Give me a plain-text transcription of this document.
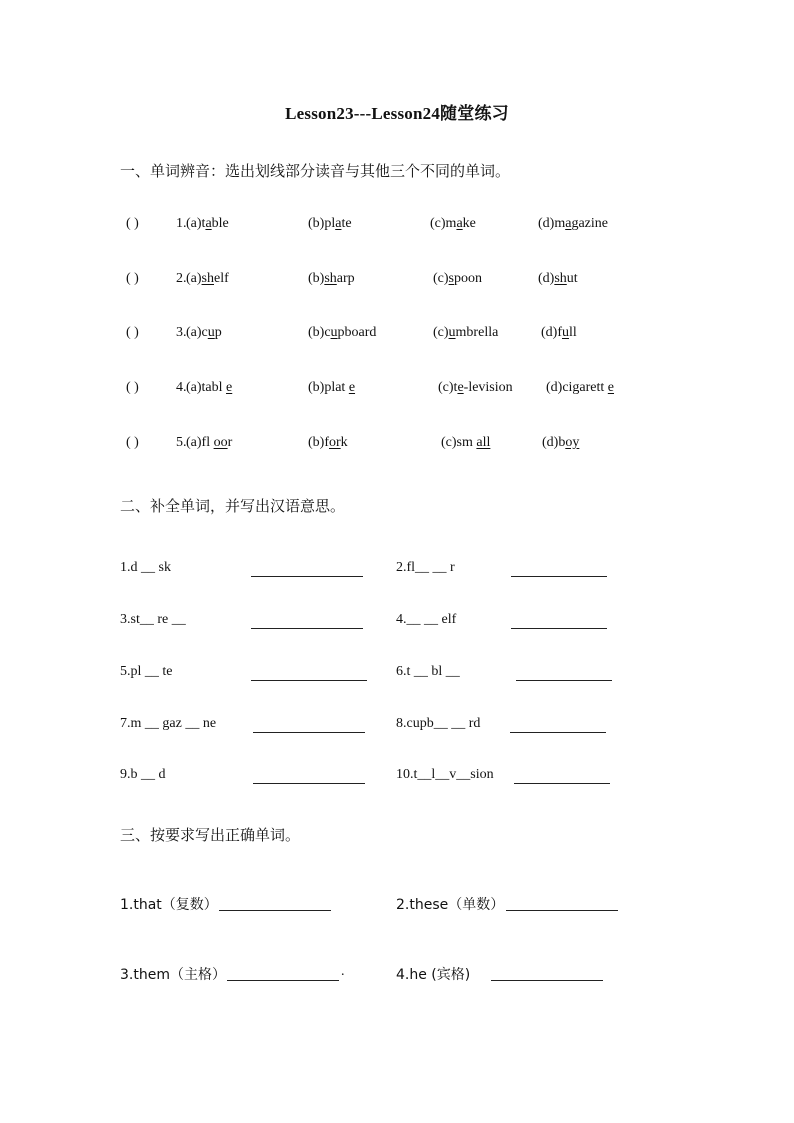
Lesson23---Lesson24随堂练习
一、单词辨音：选出划线部分读音与其他三个不同的单词。
( )	1. (a)table	(b)plate	(c)make	(d)magazine
( )	2. (a)shelf	(b)sharp	(c)spoon	(d)shut
( )	3. (a)cup	(b)cupboard	(c)umbrella	(d)full
( )	4. (a)tabl e	(b)plat e	(c)te-levision (d)cigarett e
( )	5. (a)fl oor	(b)fork	(c)sm all	(d)boy
二、补全单词，并写出汉语意思。
1.d __ sk	2.fl__ __ r
3.st__ re __	4.__ __ elf
5.pl __ te	6.t __ bl __
7.m __ gaz __ ne	8.cupb__ __ rd
9.b __ d	10.t__l__v__sion
三、按要求写出正确单词。
1.that（复数）	2.these（单数）
3.them（主格）	.	4.he (宾格)
